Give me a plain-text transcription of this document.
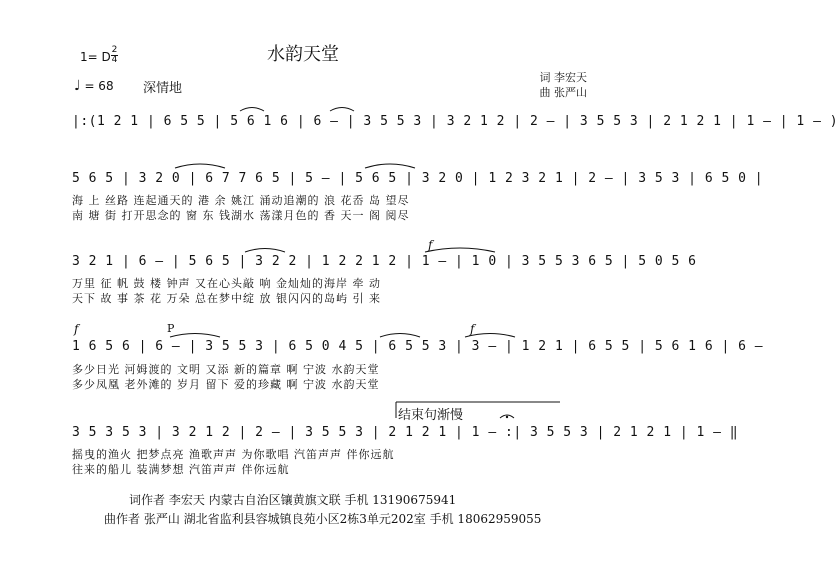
水韵天堂
1= D 2
4
♩ = 68 深情地
词 李宏天
曲 张严山
|:(1 2 1 | 6 5 5 | 5 6 1 6 | 6 – | 3 5 5 3 | 3 2 1 2 | 2 – | 3 5 5 3 | 2 1 2 1 | 1 – | 1 – )
5 6 5 | 3 2 0 | 6 7 7 6 5 | 5 – | 5 6 5 | 3 2 0 | 1 2 3 2 1 | 2 – | 3 5 3 | 6 5 0 |
海 上 丝路 连起通天的 港 余 姚江 涌动追潮的 浪 花岙 岛 望尽
南 塘 街 打开思念的 窗 东 钱湖水 荡漾月色的 香 天一 阁 阅尽
f
3 2 1 | 6 – | 5 6 5 | 3 2 2 | 1 2 2 1 2 | 1 – | 1 0 | 3 5 5 3 6 5 | 5 0 5 6
万里 征 帆 鼓 楼 钟声 又在心头敲 响 金灿灿的海岸 牵 动
天下 故 事 茶 花 万朵 总在梦中绽 放 银闪闪的岛屿 引 来
f	P	f
1 6 5 6 | 6 – | 3 5 5 3 | 6 5 0 4 5 | 6 5 5 3 | 3 – | 1 2 1 | 6 5 5 | 5 6 1 6 | 6 –
多少日光 河姆渡的 文明 又添 新的篇章 啊 宁波 水韵天堂
多少凤凰 老外滩的 岁月 留下 爱的珍藏 啊 宁波 水韵天堂
结束句渐慢
3 5 3 5 3 | 3 2 1 2 | 2 – | 3 5 5 3 | 2 1 2 1 | 1 – :| 3 5 5 3 | 2 1 2 1 | 1 – ‖
摇曳的渔火 把梦点亮 渔歌声声 为你歌唱 汽笛声声 伴你远航
往来的船儿 装满梦想 汽笛声声 伴你远航
词作者 李宏天 内蒙古自治区镶黄旗文联 手机 13190675941
曲作者 张严山 湖北省监利县容城镇良苑小区2栋3单元202室 手机 18062959055
